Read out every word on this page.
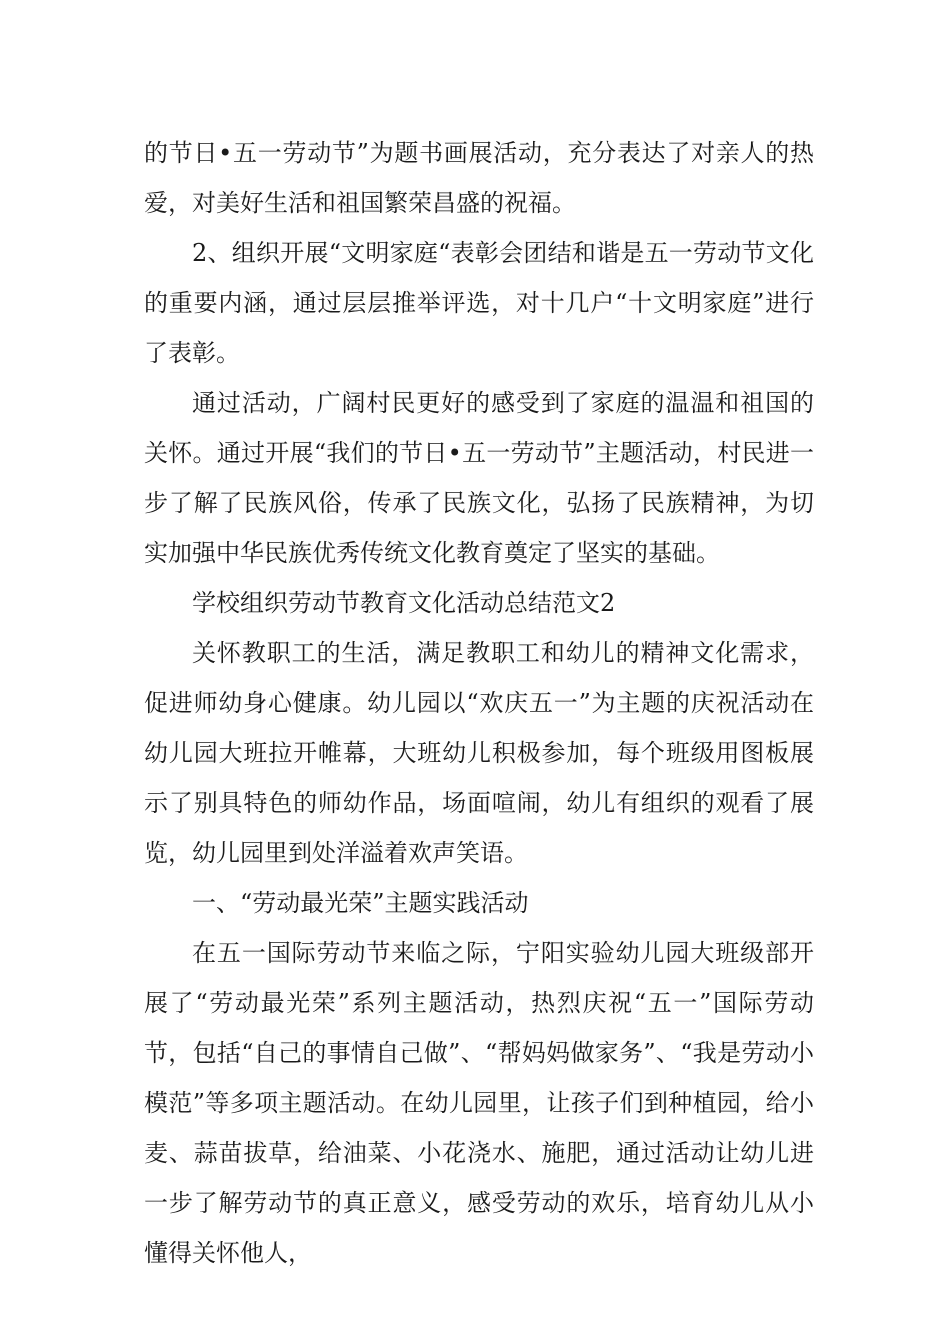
的节日•五一劳动节”为题书画展活动，充分表达了对亲人的热爱，对美好生活和祖国繁荣昌盛的祝福。

2、组织开展“文明家庭“表彰会团结和谐是五一劳动节文化的重要内涵，通过层层推举评选，对十几户“十文明家庭”进行了表彰。

通过活动，广阔村民更好的感受到了家庭的温温和祖国的关怀。通过开展“我们的节日•五一劳动节”主题活动，村民进一步了解了民族风俗，传承了民族文化，弘扬了民族精神，为切实加强中华民族优秀传统文化教育奠定了坚实的基础。

学校组织劳动节教育文化活动总结范文2

关怀教职工的生活，满足教职工和幼儿的精神文化需求，促进师幼身心健康。幼儿园以“欢庆五一”为主题的庆祝活动在幼儿园大班拉开帷幕，大班幼儿积极参加，每个班级用图板展示了别具特色的师幼作品，场面喧闹，幼儿有组织的观看了展览，幼儿园里到处洋溢着欢声笑语。

一、“劳动最光荣”主题实践活动

在五一国际劳动节来临之际，宁阳实验幼儿园大班级部开展了“劳动最光荣”系列主题活动，热烈庆祝“五一”国际劳动节，包括“自己的事情自己做”、“帮妈妈做家务”、“我是劳动小模范”等多项主题活动。在幼儿园里，让孩子们到种植园，给小麦、蒜苗拔草，给油菜、小花浇水、施肥，通过活动让幼儿进一步了解劳动节的真正意义，感受劳动的欢乐，培育幼儿从小懂得关怀他人，
